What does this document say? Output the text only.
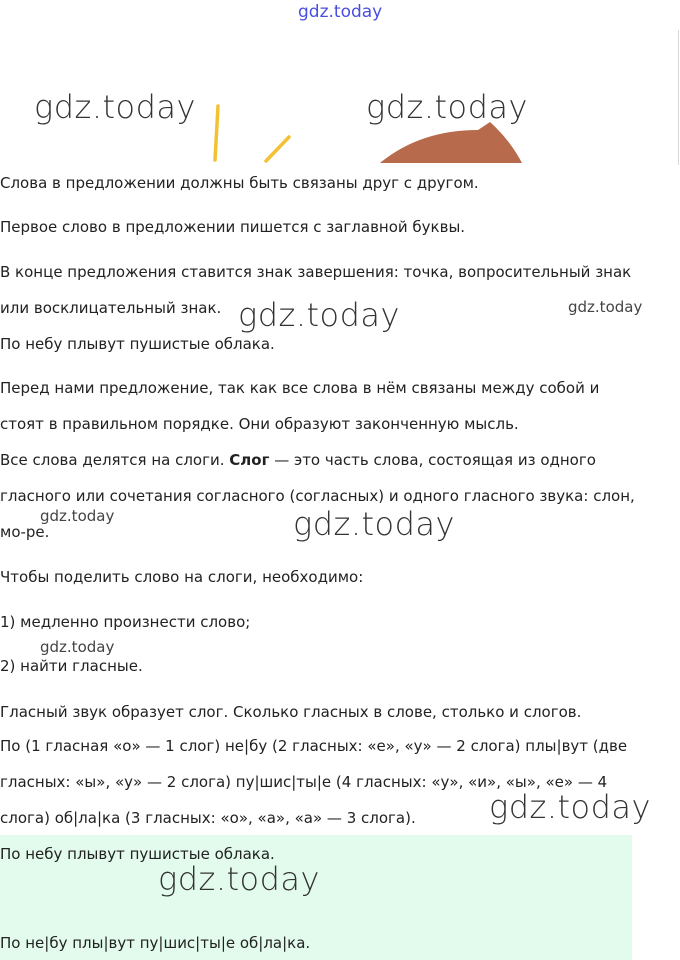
gdz.today
gdz.today	gdz.today
Слова в предложении должны быть связаны друг с другом.
Первое слово в предложении пишется с заглавной буквы.
В конце предложения ставится знак завершения: точка, вопросительный знак
или восклицательный знак. gdz.today	gdz.today
По небу плывут пушистые облака.
Перед нами предложение, так как все слова в нём связаны между собой и
стоят в правильном порядке. Они образуют законченную мысль.
Все слова делятся на слоги. Слог — это часть слова, состоящая из одного
гласного или сочетания согласного (согласных) и одного гласного звука: слон,
gdz.today	gdz.today
мо-ре.
Чтобы поделить слово на слоги, необходимо:
1) медленно произнести слово;
gdz.today
2) найти гласные.
Гласный звук образует слог. Сколько гласных в слове, столько и слогов.
По (1 гласная «о» — 1 слог) не|бу (2 гласных: «е», «у» — 2 слога) плы|вут (две
гласных: «ы», «у» — 2 слога) пу|шис|ты|е (4 гласных: «у», «и», «ы», «е» — 4
gdz.today
слога) об|ла|ка (3 гласных: «о», «а», «а» — 3 слога).
По небу плывут пушистые облака.
gdz.today
По не|бу плы|вут пу|шис|ты|е об|ла|ка.
